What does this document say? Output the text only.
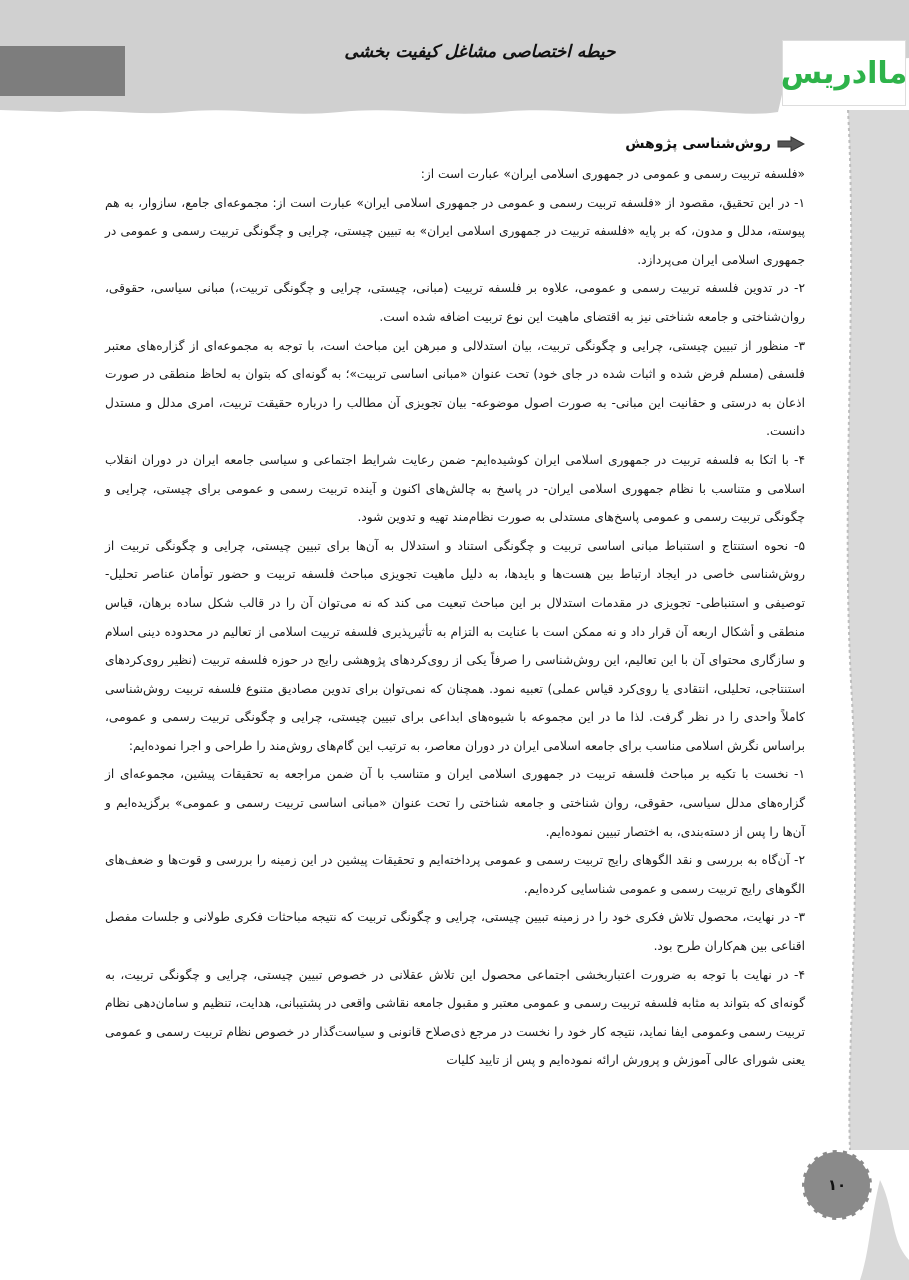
حیطه اختصاصی مشاغل کیفیت بخشی
ماادریس
روش‌شناسی پژوهش

«فلسفه تربیت رسمی و عمومی در جمهوری اسلامی ایران» عبارت است از:

۱- در این تحقیق، مقصود از «فلسفه تربیت رسمی و عمومی در جمهوری اسلامی ایران» عبارت است از: مجموعه‌ای جامع، سازوار، به هم پیوسته، مدلل و مدون، که بر پایه «فلسفه تربیت در جمهوری اسلامی ایران» به تبیین چیستی، چرایی و چگونگی تربیت رسمی و عمومی در جمهوری اسلامی ایران می‌پردازد.

۲- در تدوین فلسفه تربیت رسمی و عمومی، علاوه بر فلسفه تربیت (مبانی، چیستی، چرایی و چگونگی تربیت،) مبانی سیاسی، حقوقی، روان‌شناختی و جامعه شناختی نیز به اقتضای ماهیت این نوع تربیت اضافه شده است.

۳- منظور از تبیین چیستی، چرایی و چگونگی تربیت، بیان استدلالی و مبرهن این مباحث است، با توجه به مجموعه‌ای از گزاره‌های معتبر فلسفی (مسلم فرض شده و اثبات شده در جای خود) تحت عنوان «مبانی اساسی تربیت»؛ به گونه‌ای که بتوان به لحاظ منطقی در صورت اذعان به درستی و حقانیت این مبانی- به صورت اصول موضوعه- بیان تجویزی آن مطالب را درباره حقیقت تربیت، امری مدلل و مستدل دانست.

۴- با اتکا به فلسفه تربیت در جمهوری اسلامی ایران کوشیده‌ایم- ضمن رعایت شرایط اجتماعی و سیاسی جامعه ایران در دوران انقلاب اسلامی و متناسب با نظام جمهوری اسلامی ایران- در پاسخ به چالش‌های اکنون و آینده تربیت رسمی و عمومی برای چیستی، چرایی و چگونگی تربیت رسمی و عمومی پاسخ‌های مستدلی به صورت نظام‌مند تهیه و تدوین شود.

۵- نحوه استنتاج و استنباط مبانی اساسی تربیت و چگونگی استناد و استدلال به آن‌ها برای تبیین چیستی، چرایی و چگونگی تربیت از روش‌شناسی خاصی در ایجاد ارتباط بین هست‌ها و بایدها، به دلیل ماهیت تجویزی مباحث فلسفه تربیت و حضور توأمان عناصر تحلیل- توصیفی و استنباطی- تجویزی در مقدمات استدلال بر این مباحث تبعیت می کند که نه می‌توان آن را در قالب شکل ساده برهان، قیاس منطقی و أشکال اربعه آن قرار داد و نه ممکن است با عنایت به التزام به تأثیرپذیری فلسفه تربیت اسلامی از تعالیم در محدوده دینی اسلام و سازگاری محتوای آن با این تعالیم، این روش‌شناسی را صرفاً یکی از روی‌کردهای پژوهشی رایج در حوزه فلسفه تربیت (نظیر روی‌کردهای استنتاجی، تحلیلی، انتقادی یا روی‌کرد قیاس عملی) تعبیه نمود. همچنان که نمی‌توان برای تدوین مصادیق متنوع فلسفه تربیت روش‌شناسی کاملاً واحدی را در نظر گرفت. لذا ما در این مجموعه با شیوه‌های ابداعی برای تبیین چیستی، چرایی و چگونگی تربیت رسمی و عمومی، براساس نگرش اسلامی مناسب برای جامعه اسلامی ایران در دوران معاصر، به ترتیب این گام‌های روش‌مند را طراحی و اجرا نموده‌ایم:

۱- نخست با تکیه بر مباحث فلسفه تربیت در جمهوری اسلامی ایران و متناسب با آن ضمن مراجعه به تحقیقات پیشین، مجموعه‌ای از گزاره‌های مدلل سیاسی، حقوقی، روان شناختی و جامعه شناختی را تحت عنوان «مبانی اساسی تربیت رسمی و عمومی» برگزیده‌ایم و آن‌ها را پس از دسته‌بندی، به اختصار تبیین نموده‌ایم.

۲- آن‌گاه به بررسی و نقد الگوهای رایج تربیت رسمی و عمومی پرداخته‌ایم و تحقیقات پیشین در این زمینه را بررسی و قوت‌ها و ضعف‌های الگوهای رایج تربیت رسمی و عمومی شناسایی کرده‌ایم.

۳- در نهایت، محصول تلاش فکری خود را در زمینه تبیین چیستی، چرایی و چگونگی تربیت که نتیجه مباحثات فکری طولانی و جلسات مفصل اقناعی بین هم‌کاران طرح بود.

۴- در نهایت با توجه به ضرورت اعتباربخشی اجتماعی محصول این تلاش عقلانی در خصوص تبیین چیستی، چرایی و چگونگی تربیت، به گونه‌ای که بتواند به مثابه فلسفه تربیت رسمی و عمومی معتبر و مقبول جامعه نقاشی واقعی در پشتیبانی، هدایت، تنظیم و سامان‌دهی نظام تربیت رسمی وعمومی ایفا نماید، نتیجه کار خود را نخست در مرجع ذی‌صلاح قانونی و سیاست‌گذار در خصوص نظام تربیت رسمی و عمومی یعنی شورای عالی آموزش و پرورش ارائه نموده‌ایم و پس از تایید کلیات

۱۰
